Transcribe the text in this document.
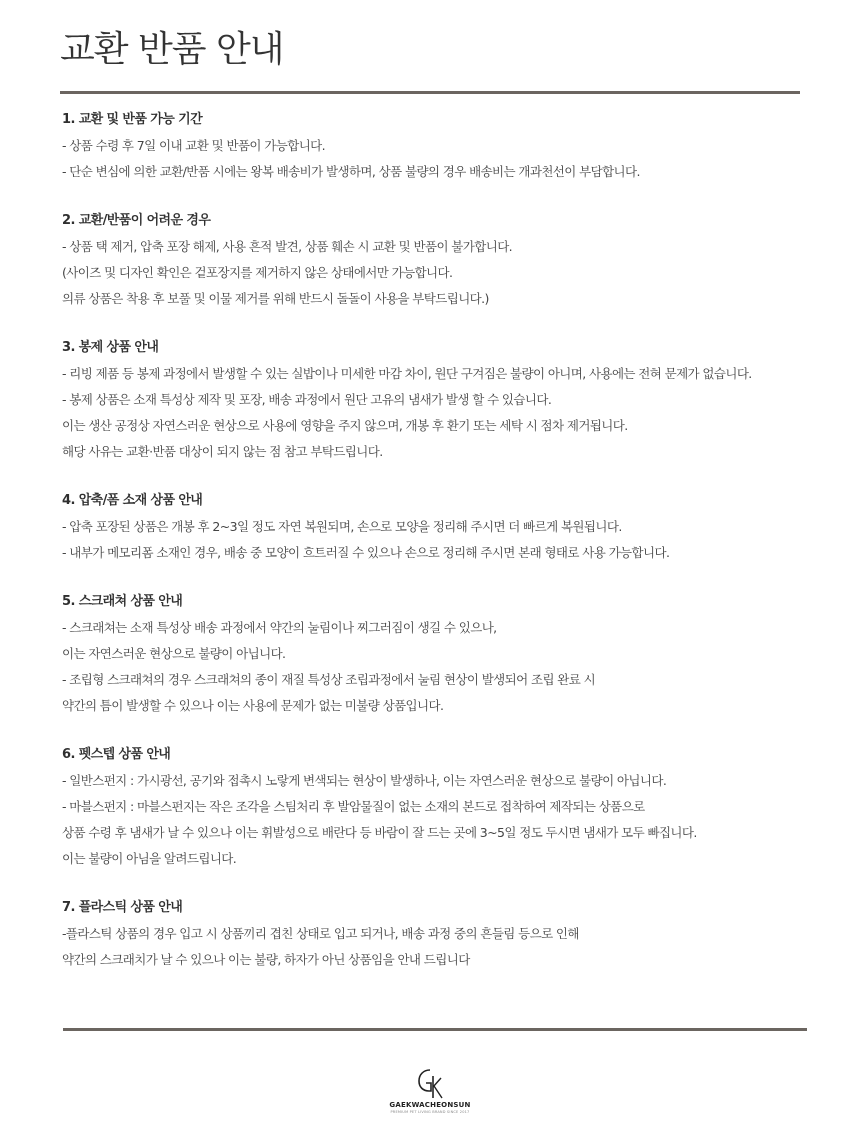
교환 반품 안내

1. 교환 및 반품 가능 기간

- 상품 수령 후 7일 이내 교환 및 반품이 가능합니다.

- 단순 변심에 의한 교환/반품 시에는 왕복 배송비가 발생하며, 상품 불량의 경우 배송비는 개과천선이 부담합니다.

2. 교환/반품이 어려운 경우

- 상품 택 제거, 압축 포장 해제, 사용 흔적 발견, 상품 훼손 시 교환 및 반품이 불가합니다.

(사이즈 및 디자인 확인은 겉포장지를 제거하지 않은 상태에서만 가능합니다.

의류 상품은 착용 후 보풀 및 이물 제거를 위해 반드시 돌돌이 사용을 부탁드립니다.)

3. 봉제 상품 안내

- 리빙 제품 등 봉제 과정에서 발생할 수 있는 실밥이나 미세한 마감 차이, 원단 구겨짐은 불량이 아니며, 사용에는 전혀 문제가 없습니다.

- 봉제 상품은 소재 특성상 제작 및 포장, 배송 과정에서 원단 고유의 냄새가 발생 할 수 있습니다.

이는 생산 공정상 자연스러운 현상으로 사용에 영향을 주지 않으며, 개봉 후 환기 또는 세탁 시 점차 제거됩니다.

해당 사유는 교환·반품 대상이 되지 않는 점 참고 부탁드립니다.

4. 압축/폼 소재 상품 안내

- 압축 포장된 상품은 개봉 후 2~3일 정도 자연 복원되며, 손으로 모양을 정리해 주시면 더 빠르게 복원됩니다.

- 내부가 메모리폼 소재인 경우, 배송 중 모양이 흐트러질 수 있으나 손으로 정리해 주시면 본래 형태로 사용 가능합니다.

5. 스크래쳐 상품 안내

- 스크래쳐는 소재 특성상 배송 과정에서 약간의 눌림이나 찌그러짐이 생길 수 있으나,

이는 자연스러운 현상으로 불량이 아닙니다.

- 조립형 스크래쳐의 경우 스크래쳐의 종이 재질 특성상 조립과정에서 눌림 현상이 발생되어 조립 완료 시

약간의 틈이 발생할 수 있으나 이는 사용에 문제가 없는 미불량 상품입니다.

6. 펫스텝 상품 안내

- 일반스펀지 : 가시광선, 공기와 접촉시 노랗게 변색되는 현상이 발생하나, 이는 자연스러운 현상으로 불량이 아닙니다.

- 마블스펀지 : 마블스펀지는 작은 조각을 스팀처리 후 발암물질이 없는 소재의 본드로 접착하여 제작되는 상품으로

상품 수령 후 냄새가 날 수 있으나 이는 휘발성으로 배란다 등 바람이 잘 드는 곳에 3~5일 정도 두시면 냄새가 모두 빠집니다.

이는 불량이 아님을 알려드립니다.

7. 플라스틱 상품 안내

-플라스틱 상품의 경우 입고 시 상품끼리 겹친 상태로 입고 되거나, 배송 과정 중의 흔들림 등으로 인해

약간의 스크래치가 날 수 있으나 이는 불량, 하자가 아닌 상품임을 안내 드립니다

GAEKWACHEONSUN
PREMIUM PET LIVING BRAND SINCE 2017
